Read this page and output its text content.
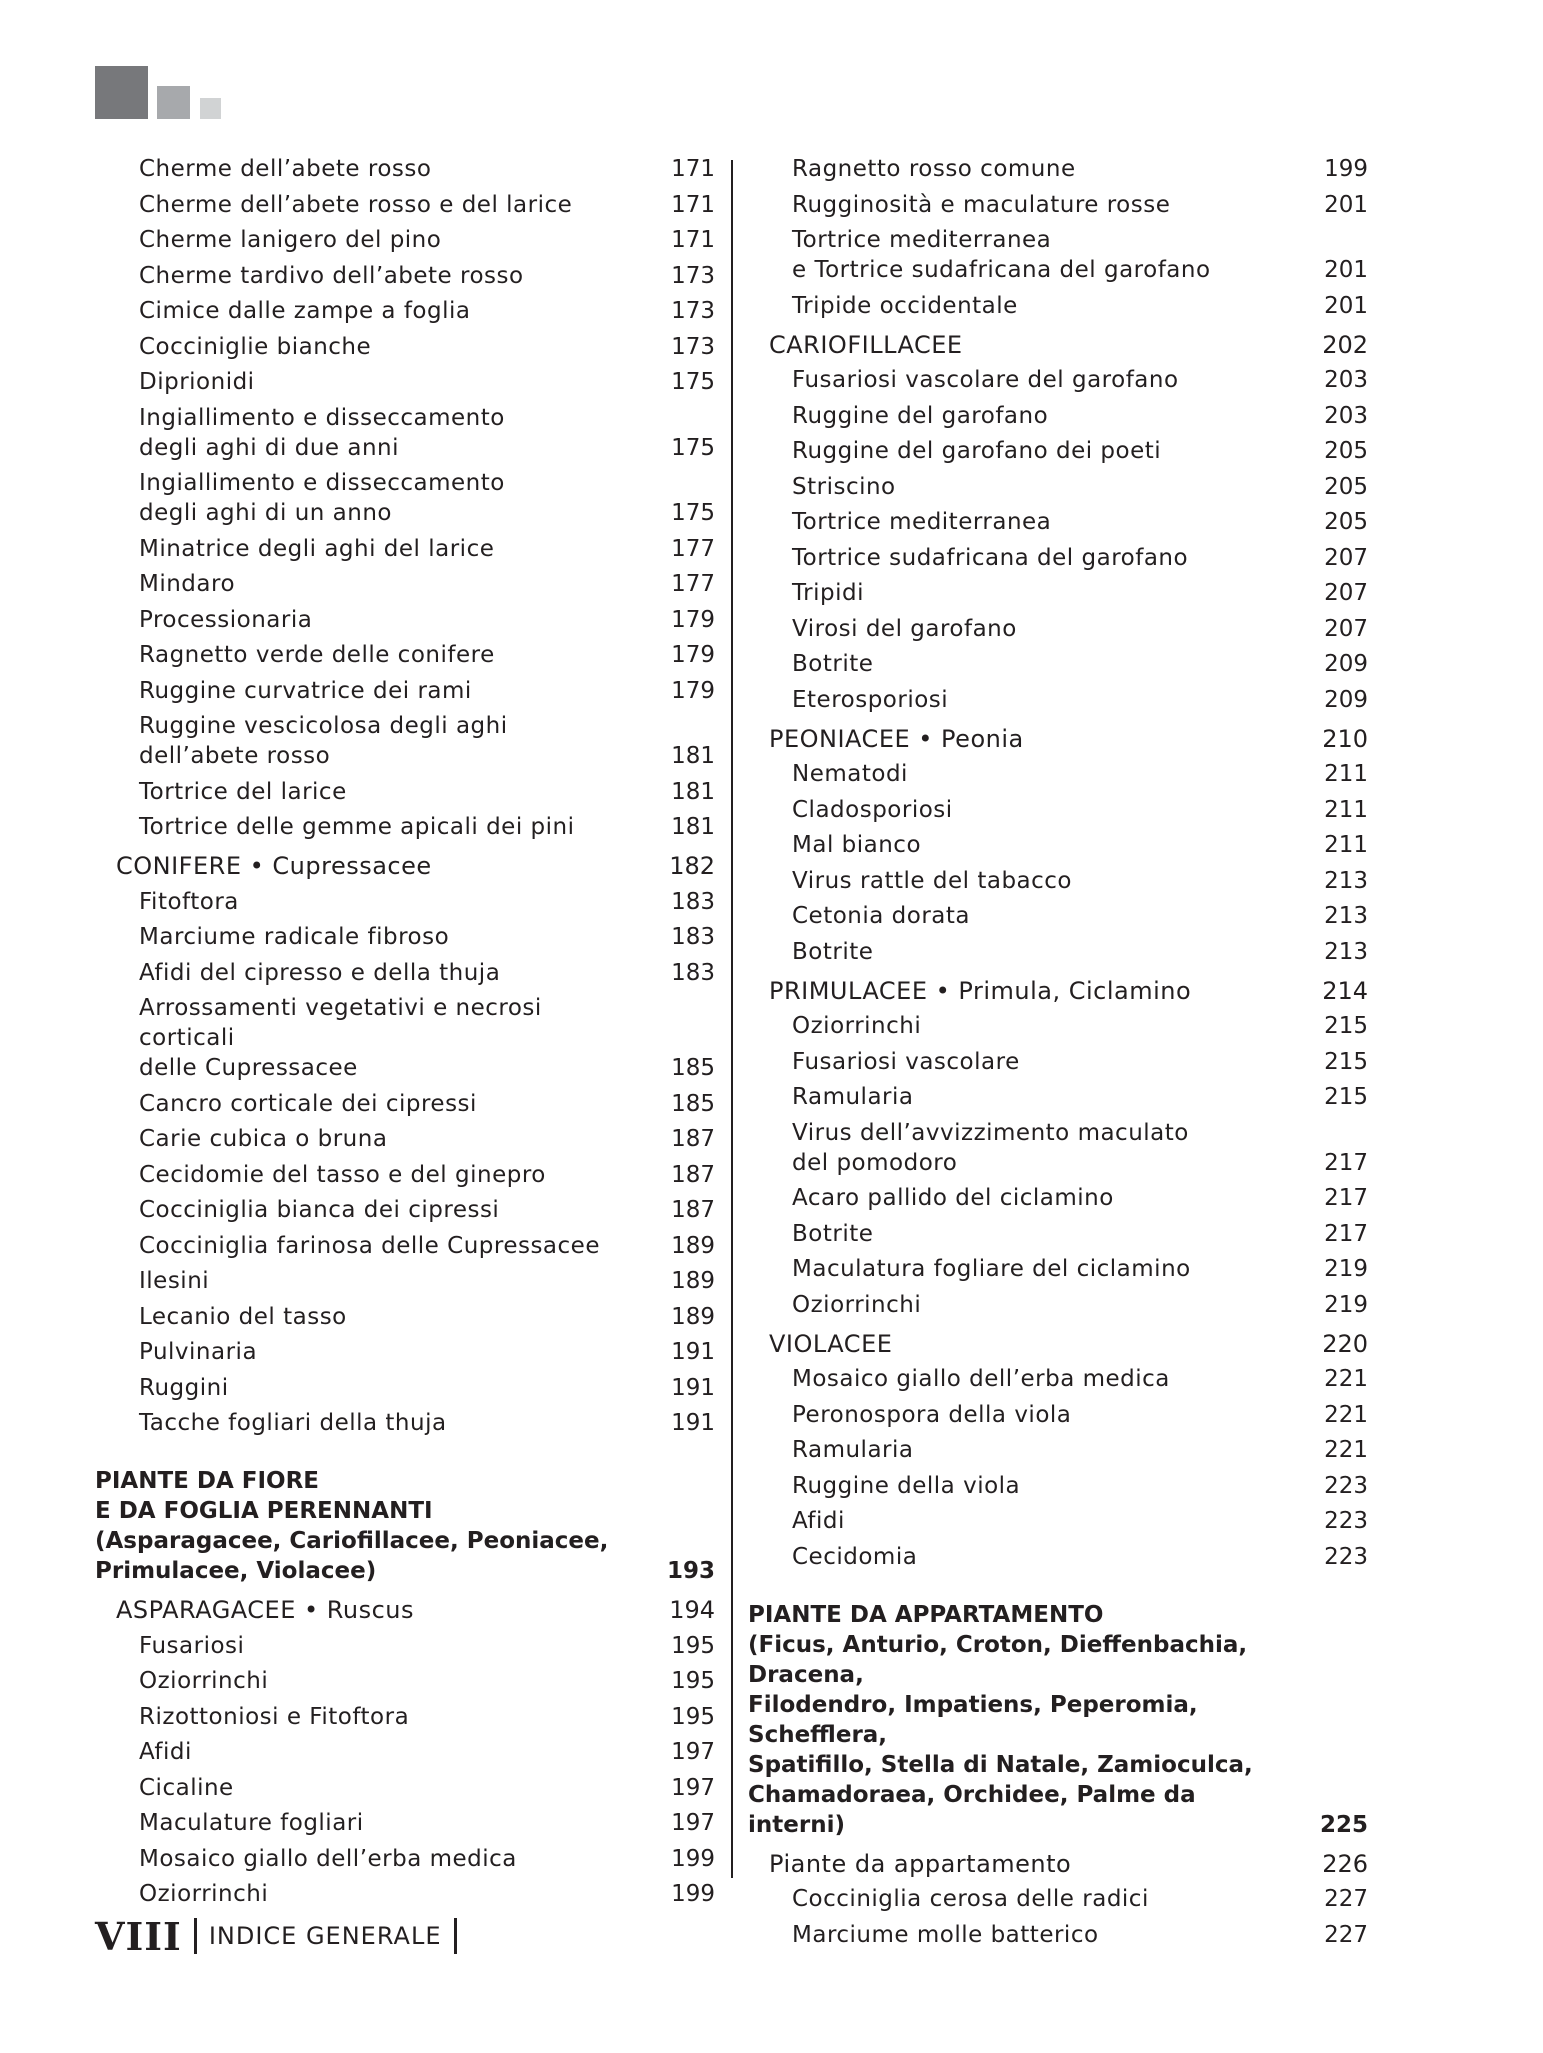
Cherme dell’abete rosso	171
Cherme dell’abete rosso e del larice	171
Cherme lanigero del pino	171
Cherme tardivo dell’abete rosso	173
Cimice dalle zampe a foglia	173
Cocciniglie bianche	173
Diprionidi	175
Ingiallimento e disseccamento
degli aghi di due anni	175
Ingiallimento e disseccamento
degli aghi di un anno	175
Minatrice degli aghi del larice	177
Mindaro	177
Processionaria	179
Ragnetto verde delle conifere	179
Ruggine curvatrice dei rami	179
Ruggine vescicolosa degli aghi
dell’abete rosso	181
Tortrice del larice	181
Tortrice delle gemme apicali dei pini	181
CONIFERE • Cupressacee	182
Fitoftora	183
Marciume radicale fibroso	183
Afidi del cipresso e della thuja	183
Arrossamenti vegetativi e necrosi corticali
delle Cupressacee	185
Cancro corticale dei cipressi	185
Carie cubica o bruna	187
Cecidomie del tasso e del ginepro	187
Cocciniglia bianca dei cipressi	187
Cocciniglia farinosa delle Cupressacee	189
Ilesini	189
Lecanio del tasso	189
Pulvinaria	191
Ruggini	191
Tacche fogliari della thuja	191
PIANTE DA FIORE
E DA FOGLIA PERENNANTI
(Asparagacee, Cariofillacee, Peoniacee,
Primulacee, Violacee)	193
ASPARAGACEE • Ruscus	194
Fusariosi	195
Oziorrinchi	195
Rizottoniosi e Fitoftora	195
Afidi	197
Cicaline	197
Maculature fogliari	197
Mosaico giallo dell’erba medica	199
Oziorrinchi	199
Ragnetto rosso comune	199
Rugginosità e maculature rosse	201
Tortrice mediterranea
e Tortrice sudafricana del garofano	201
Tripide occidentale	201
CARIOFILLACEE	202
Fusariosi vascolare del garofano	203
Ruggine del garofano	203
Ruggine del garofano dei poeti	205
Striscino	205
Tortrice mediterranea	205
Tortrice sudafricana del garofano	207
Tripidi	207
Virosi del garofano	207
Botrite	209
Eterosporiosi	209
PEONIACEE • Peonia	210
Nematodi	211
Cladosporiosi	211
Mal bianco	211
Virus rattle del tabacco	213
Cetonia dorata	213
Botrite	213
PRIMULACEE • Primula, Ciclamino	214
Oziorrinchi	215
Fusariosi vascolare	215
Ramularia	215
Virus dell’avvizzimento maculato
del pomodoro	217
Acaro pallido del ciclamino	217
Botrite	217
Maculatura fogliare del ciclamino	219
Oziorrinchi	219
VIOLACEE	220
Mosaico giallo dell’erba medica	221
Peronospora della viola	221
Ramularia	221
Ruggine della viola	223
Afidi	223
Cecidomia	223
PIANTE DA APPARTAMENTO
(Ficus, Anturio, Croton, Dieffenbachia, Dracena,
Filodendro, Impatiens, Peperomia, Schefflera,
Spatifillo, Stella di Natale, Zamioculca,
Chamadoraea, Orchidee, Palme da interni)	225
Piante da appartamento	226
Cocciniglia cerosa delle radici	227
Marciume molle batterico	227
VIII INDICE GENERALE
